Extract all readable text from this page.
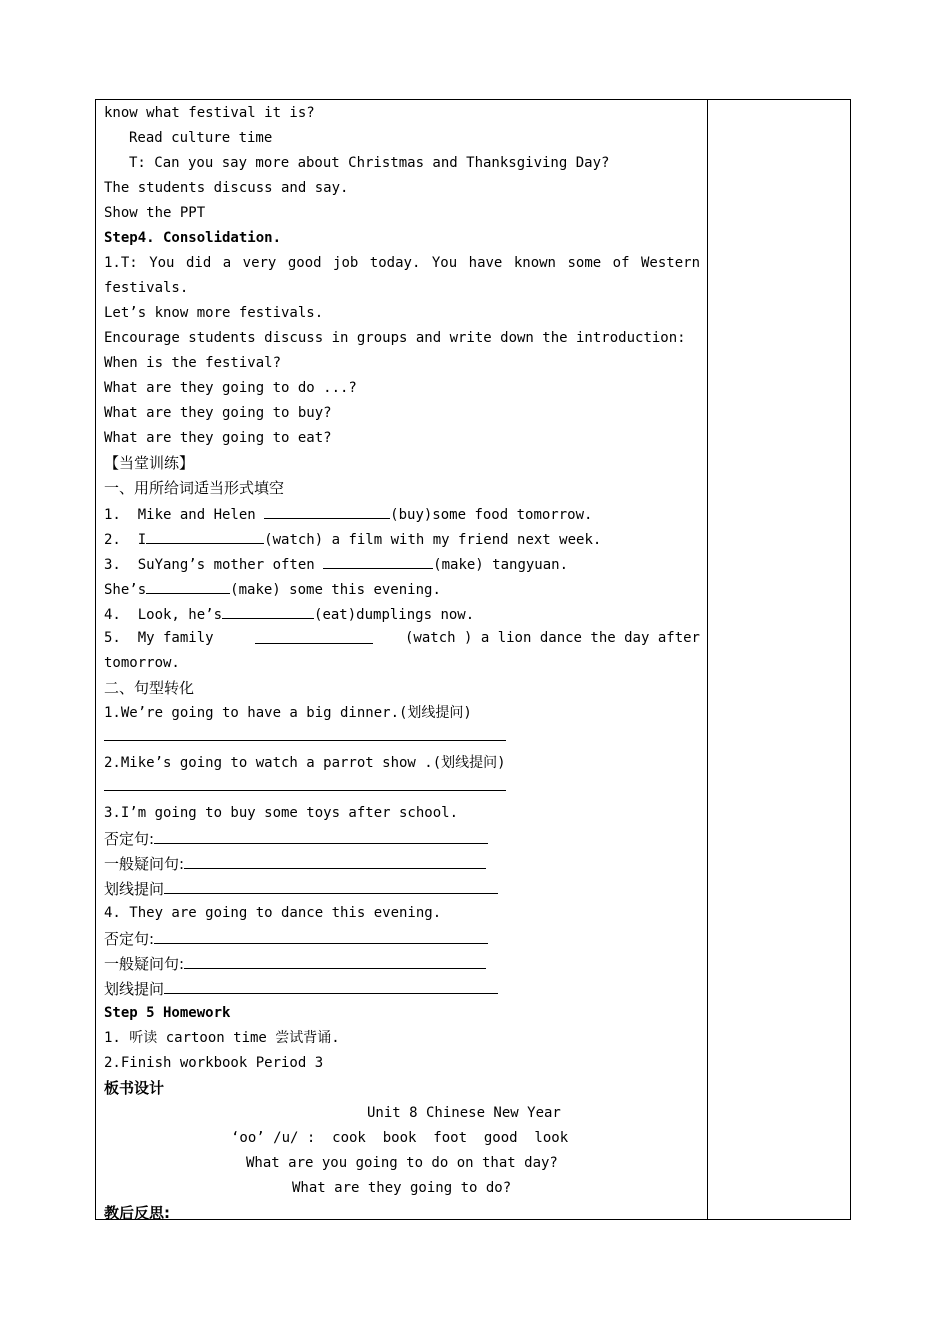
know what festival it is?
Read culture time
T: Can you say more about Christmas and Thanksgiving Day?
The students discuss and say.
Show the PPT
Step4. Consolidation.
1.T: You did a very good job today. You have known some of Western
festivals.
Let’s know more festivals.
Encourage students discuss in groups and write down the introduction:
When is the festival?
What are they going to do ...?
What are they going to buy?
What are they going to eat?
【当堂训练】
一、用所给词适当形式填空
1.  Mike and Helen	(buy)some food tomorrow.
2.  I	(watch) a film with my friend next week.
3.  SuYang’s mother often	(make) tangyuan.
She’s	(make) some this evening.
4.  Look, he’s	(eat)dumplings now.
5.  My family	(watch ) a lion dance the day after
tomorrow.
二、句型转化
1.We’re going to have a big dinner.(划线提问)
2.Mike’s going to watch a parrot show .(划线提问)
3.I’m going to buy some toys after school.
否定句:
一般疑问句:
划线提问
4. They are going to dance this evening.
否定句:
一般疑问句:
划线提问
Step 5 Homework
1. 听读 cartoon time 尝试背诵.
2.Finish workbook Period 3
板书设计
Unit 8 Chinese New Year
‘oo’ /u/ :  cook  book  foot  good  look
What are you going to do on that day?
What are they going to do?
教后反思:
